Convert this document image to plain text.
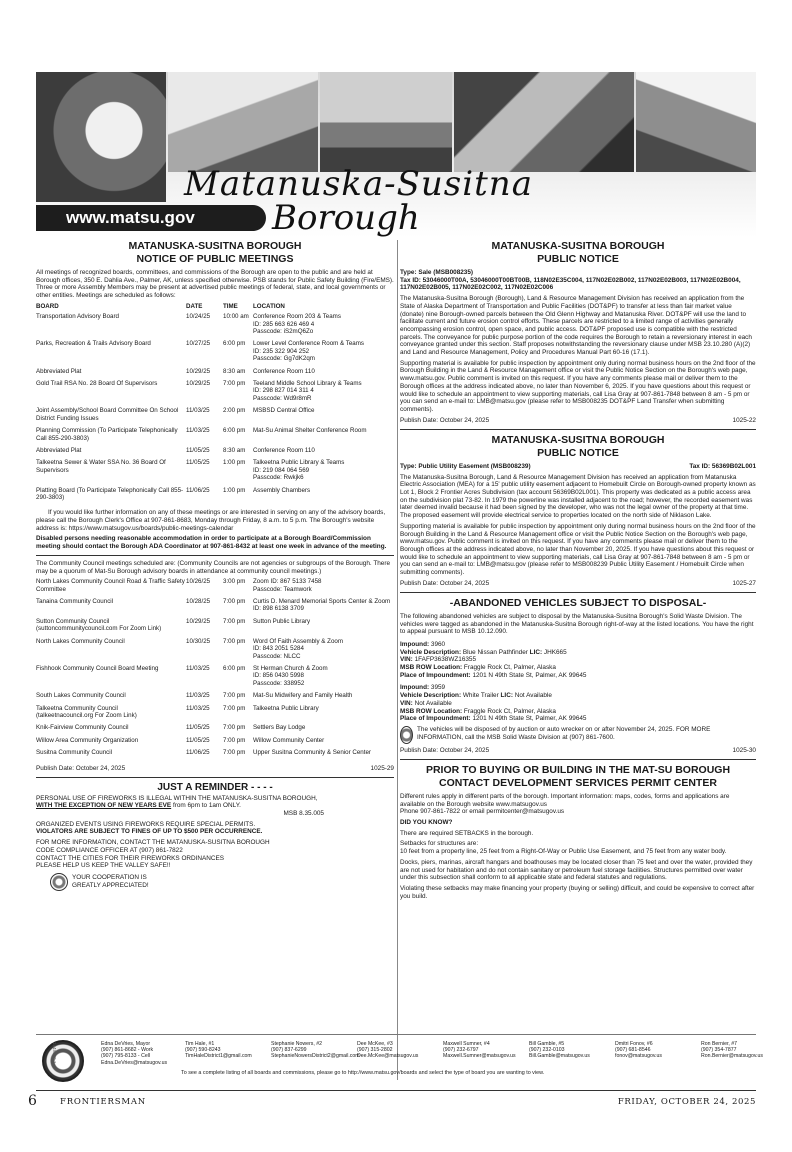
Matanuska-Susitna
Borough
www.matsu.gov
MATANUSKA-SUSITNA BOROUGH
NOTICE OF PUBLIC MEETINGS
All meetings of recognized boards, committees, and commissions of the Borough are open to the public and are held at Borough offices, 350 E. Dahlia Ave., Palmer, AK, unless specified otherwise. PSB stands for Public Safety Building (Fire/EMS). Three or more Assembly Members may be present at advertised public meetings of federal, state, and local governments or other entities. Meetings are scheduled as follows:
BOARD	DATE	TIME	LOCATION
Transportation Advisory Board	10/24/25	10:00 am	Conference Room 203 & Teams
ID: 285 663 626 469 4
Passcode: iS2mQ6Zo
Parks, Recreation & Trails Advisory Board	10/27/25	6:00 pm	Lower Level Conference Room & Teams
ID: 235 322 904 252
Passcode: Gg7dK2qm
Abbreviated Plat	10/29/25	8:30 am	Conference Room 110
Gold Trail RSA No. 28 Board Of Supervisors	10/29/25	7:00 pm	Teeland Middle School Library & Teams
ID: 298 827 014 311 4
Passcode: Wd9r8mR
Joint Assembly/School Board Committee On School District Funding Issues	11/03/25	2:00 pm	MSBSD Central Office
Planning Commission (To Participate Telephonically Call 855-290-3803)	11/03/25	6:00 pm	Mat-Su Animal Shelter Conference Room
Abbreviated Plat	11/05/25	8:30 am	Conference Room 110
Talkeetna Sewer & Water SSA No. 36 Board Of Supervisors	11/05/25	1:00 pm	Talkeetna Public Library & Teams
ID: 219 084 064 569
Passcode: Rwkjk6
Platting Board (To Participate Telephonically Call 855-290-3803)	11/06/25	1:00 pm	Assembly Chambers
If you would like further information on any of these meetings or are interested in serving on any of the advisory boards, please call the Borough Clerk's Office at 907-861-8683, Monday through Friday, 8 a.m. to 5 p.m. The Borough's website address is: https://www.matsugov.us/boards/public-meetings-calendar
Disabled persons needing reasonable accommodation in order to participate at a Borough Board/Commission meeting should contact the Borough ADA Coordinator at 907-861-8432 at least one week in advance of the meeting.
The Community Council meetings scheduled are: (Community Councils are not agencies or subgroups of the Borough. There may be a quorum of Mat-Su Borough advisory boards in attendance at community council meetings.)
North Lakes Community Council Road & Traffic Safety Committee	10/26/25	3:00 pm	Zoom ID: 867 5133 7458
Passcode: Teamwork
Tanaina Community Council	10/28/25	7:00 pm	Curtis D. Menard Memorial Sports Center & Zoom
ID: 898 6138 3709
Sutton Community Council
(suttoncommunitycouncil.com For Zoom Link)	10/29/25	7:00 pm	Sutton Public Library
North Lakes Community Council	10/30/25	7:00 pm	Word Of Faith Assembly & Zoom
ID: 843 2051 5284
Passcode: NLCC
Fishhook Community Council Board Meeting	11/03/25	6:00 pm	St Herman Church & Zoom
ID: 856 0430 5998
Passcode: 338952
South Lakes Community Council	11/03/25	7:00 pm	Mat-Su Midwifery and Family Health
Talkeetna Community Council
(talkeetnacouncil.org For Zoom Link)	11/03/25	7:00 pm	Talkeetna Public Library
Knik-Fairview Community Council	11/05/25	7:00 pm	Settlers Bay Lodge
Willow Area Community Organization	11/05/25	7:00 pm	Willow Community Center
Susitna Community Council	11/06/25	7:00 pm	Upper Susitna Community & Senior Center
Publish Date: October 24, 2025	1025-29
JUST A REMINDER - - - -
PERSONAL USE OF FIREWORKS IS ILLEGAL WITHIN THE MATANUSKA-SUSITNA BOROUGH,
WITH THE EXCEPTION OF NEW YEARS EVE from 6pm to 1am ONLY.
MSB 8.35.005
ORGANIZED EVENTS USING FIREWORKS REQUIRE SPECIAL PERMITS.
VIOLATORS ARE SUBJECT TO FINES OF UP TO $500 PER OCCURRENCE.
FOR MORE INFORMATION, CONTACT THE MATANUSKA-SUSITNA BOROUGH
CODE COMPLIANCE OFFICER AT (907) 861-7822
CONTACT THE CITIES FOR THEIR FIREWORKS ORDINANCES
PLEASE HELP US KEEP THE VALLEY SAFE!!
YOUR COOPERATION IS
GREATLY APPRECIATED!
MATANUSKA-SUSITNA BOROUGH
PUBLIC NOTICE
Type: Sale (MSB008235)
Tax ID: 53046000T00A, 53046000T00BT00B, 118N02E35C004, 117N02E02B002, 117N02E02B003, 117N02E02B004, 117N02E02B005, 117N02E02C002, 117N02E02C006
The Matanuska-Susitna Borough (Borough), Land & Resource Management Division has received an application from the State of Alaska Department of Transportation and Public Facilities (DOT&PF) to transfer at less than fair market value (donate) nine Borough-owned parcels between the Old Glenn Highway and Matanuska River. DOT&PF will use the land to facilitate current and future erosion control efforts. These parcels are restricted to a limited range of activities generally encompassing erosion control, open space, and public access. DOT&PF proposed use is compatible with the restricted parcels. The conveyance for public purpose portion of the code requires the Borough to retain a reversionary interest in each conveyance granted under this section. Staff proposes notwithstanding the reversionary clause under MSB 23.10.280 (A)(2) and Land and Resource Management, Policy and Procedures Manual Part 60-16 (17.1).
Supporting material is available for public inspection by appointment only during normal business hours on the 2nd floor of the Borough Building in the Land & Resource Management office or visit the Public Notice Section on the Borough's web page, www.matsu.gov. Public comment is invited on this request. If you have any comments please mail or deliver them to the Borough offices at the address indicated above, no later than November 6, 2025. If you have questions about this request or would like to schedule an appointment to view supporting materials, call Lisa Gray at 907-861-7848 between 8 am - 5 pm or you can send an e-mail to: LMB@matsu.gov (please refer to MSB008235 DOT&PF Land Transfer when submitting comments).
Publish Date: October 24, 2025	1025-22
MATANUSKA-SUSITNA BOROUGH
PUBLIC NOTICE
Type: Public Utility Easement (MSB008239)	Tax ID: 56369B02L001
The Matanuska-Susitna Borough, Land & Resource Management Division has received an application from Matanuska Electric Association (MEA) for a 15' public utility easement adjacent to Homebuilt Circle on Borough-owned property known as Lot 1, Block 2 Frontier Acres Subdivision (tax account 56369B02L001). This property was dedicated as a public access area on the subdivision plat 73-82. In 1979 the powerline was installed adjacent to the road; however, the recorded easement was later deemed invalid because it had been signed by the developer, who was not the legal owner of the property at that time. The proposed easement will provide electrical service to properties located on the north side of Niklason Lake.
Supporting material is available for public inspection by appointment only during normal business hours on the 2nd floor of the Borough Building in the Land & Resource Management office or visit the Public Notice Section on the Borough's web page, www.matsu.gov. Public comment is invited on this request. If you have any comments please mail or deliver them to the Borough offices at the address indicated above, no later than November 20, 2025. If you have questions about this request or would like to schedule an appointment to view supporting materials, call Lisa Gray at 907-861-7848 between 8 am - 5 pm or you can send an e-mail to: LMB@matsu.gov (please refer to MSB008239 Public Utility Easement / Homebuilt Circle when submitting comments).
Publish Date: October 24, 2025	1025-27
-ABANDONED VEHICLES SUBJECT TO DISPOSAL-
The following abandoned vehicles are subject to disposal by the Matanuska-Susitna Borough's Solid Waste Division. The vehicles were tagged as abandoned in the Matanuska-Susitna Borough right-of-way at the listed locations. You have the right to appeal pursuant to MSB 10.12.090.
Impound: 3960
Vehicle Description: Blue Nissan Pathfinder LIC: JHK665
VIN: 1FAFP3638WZ16355
MSB ROW Location: Fraggle Rock Ct, Palmer, Alaska
Place of Impoundment: 1201 N 49th State St, Palmer, AK 99645
Impound: 3959
Vehicle Description: White Trailer LIC: Not Available
VIN: Not Available
MSB ROW Location: Fraggle Rock Ct, Palmer, Alaska
Place of Impoundment: 1201 N 49th State St, Palmer, AK 99645
The vehicles will be disposed of by auction or auto wrecker on or after November 24, 2025. FOR MORE INFORMATION, call the MSB Solid Waste Division at (907) 861-7600.
Publish Date: October 24, 2025	1025-30
PRIOR TO BUYING OR BUILDING IN THE MAT-SU BOROUGH
CONTACT DEVELOPMENT SERVICES PERMIT CENTER
Different rules apply in different parts of the borough. Important information: maps, codes, forms and applications are available on the Borough website www.matsugov.us
Phone 907-861-7822 or email permitcenter@matsugov.us
DID YOU KNOW?
There are required SETBACKS in the borough.
Setbacks for structures are:
10 feet from a property line, 25 feet from a Right-Of-Way or Public Use Easement, and 75 feet from any water body.
Docks, piers, marinas, aircraft hangars and boathouses may be located closer than 75 feet and over the water, provided they are not used for habitation and do not contain sanitary or petroleum fuel storage facilities. Structures permitted over water under this subsection shall conform to all applicable state and federal statutes and regulations.
Violating these setbacks may make financing your property (buying or selling) difficult, and could be expensive to correct after you build.
Edna DeVries, Mayor
(907) 861-8682 - Work
(907) 795-8133 - Cell
Edna.DeVries@matsugov.us
Tim Hale, #1
(907) 590-8243
TimHaleDistrict1@gmail.com
Stephanie Nowers, #2
(907) 837-6299
StephanieNowersDistrict2@gmail.com
Dee McKee, #3
(907) 315-2802
Dee.McKee@matsugov.us
Maxwell Sumner, #4
(907) 232-6797
Maxwell.Sumner@matsugov.us
Bill Gamble, #5
(907) 232-0103
Bill.Gamble@matsugov.us
Dmitri Fonov, #6
(907) 681-8546
fonov@matsugov.us
Ron Bernier, #7
(907) 354-7877
Ron.Bernier@matsugov.us
To see a complete listing of all boards and commissions, please go to http://www.matsu.gov/boards and select the type of board you are wanting to view.
1449850-1
6	FRONTIERSMAN	FRIDAY, OCTOBER 24, 2025
